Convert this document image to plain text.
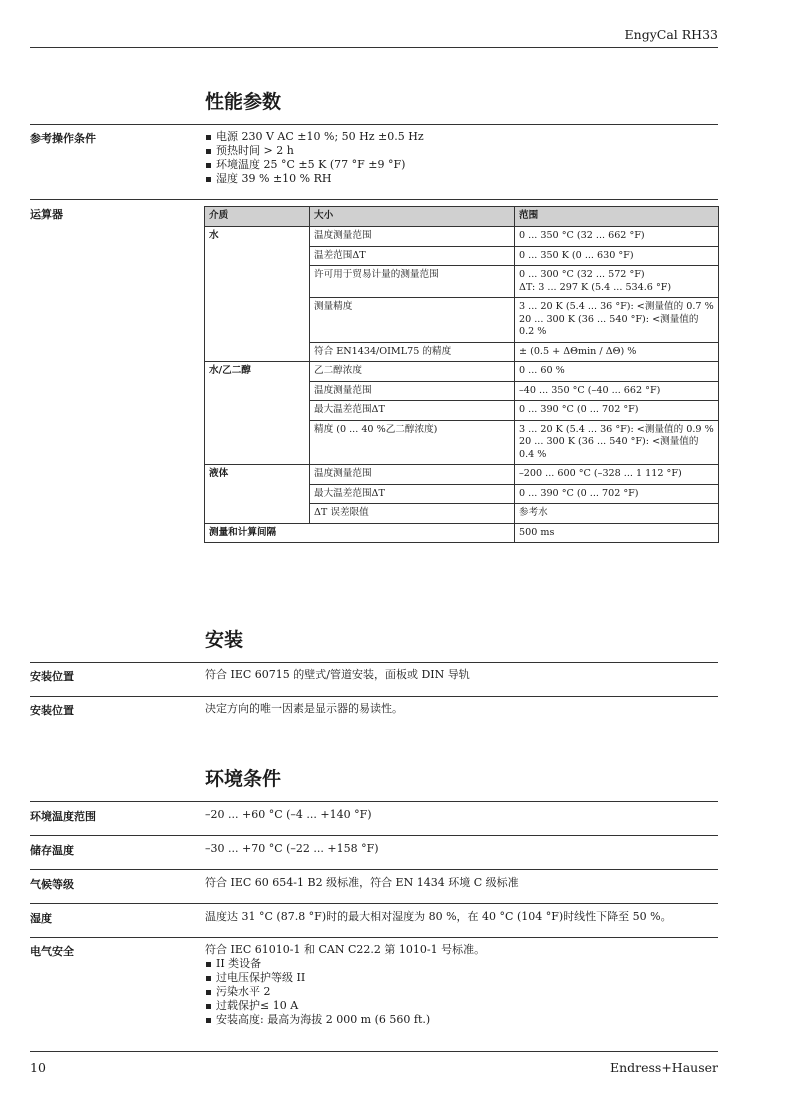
EngyCal RH33
性能参数
参考操作条件	电源 230 V AC ±10 %; 50 Hz ±0.5 Hz
预热时间 > 2 h
环境温度 25 °C ±5 K (77 °F ±9 °F)
湿度 39 % ±10 % RH
运算器	介质	大小	范围
水	温度测量范围	0 ... 350 °C (32 ... 662 °F)
	温差范围ΔT	0 ... 350 K (0 ... 630 °F)
	许可用于贸易计量的测量范围	0 ... 300 °C (32 ... 572 °F)
ΔT: 3 ... 297 K (5.4 ... 534.6 °F)

	测量精度	3 ... 20 K (5.4 ... 36 °F): <测量值的 0.7 %
20 ... 300 K (36 ... 540 °F): <测量值的
0.2 %

	符合 EN1434/OIML75 的精度	± (0.5 + ΔΘmin / ΔΘ) %
水/乙二醇	乙二醇浓度	0 ... 60 %
	温度测量范围	–40 ... 350 °C (–40 ... 662 °F)
	最大温差范围ΔT	0 ... 390 °C (0 ... 702 °F)
	精度 (0 ... 40 %乙二醇浓度)	3 ... 20 K (5.4 ... 36 °F): <测量值的 0.9 %
20 ... 300 K (36 ... 540 °F): <测量值的
0.4 %

液体	温度测量范围	–200 ... 600 °C (–328 ... 1 112 °F)
	最大温差范围ΔT	0 ... 390 °C (0 ... 702 °F)
	ΔT 误差限值	参考水
测量和计算间隔		500 ms
安装
安装位置	符合 IEC 60715 的壁式/管道安装，面板或 DIN 导轨
安装位置	决定方向的唯一因素是显示器的易读性。
环境条件
环境温度范围	–20 ... +60 °C (–4 ... +140 °F)
储存温度	–30 ... +70 °C (–22 ... +158 °F)
气候等级	符合 IEC 60 654-1 B2 级标准，符合 EN 1434 环境 C 级标准
湿度	温度达 31 °C (87.8 °F)时的最大相对湿度为 80 %，在 40 °C (104 °F)时线性下降至 50 %。
电气安全	符合 IEC 61010-1 和 CAN C22.2 第 1010-1 号标准。
II 类设备
过电压保护等级 II
污染水平 2
过载保护≤ 10 A
安装高度: 最高为海拔 2 000 m (6 560 ft.)
10	Endress+Hauser
